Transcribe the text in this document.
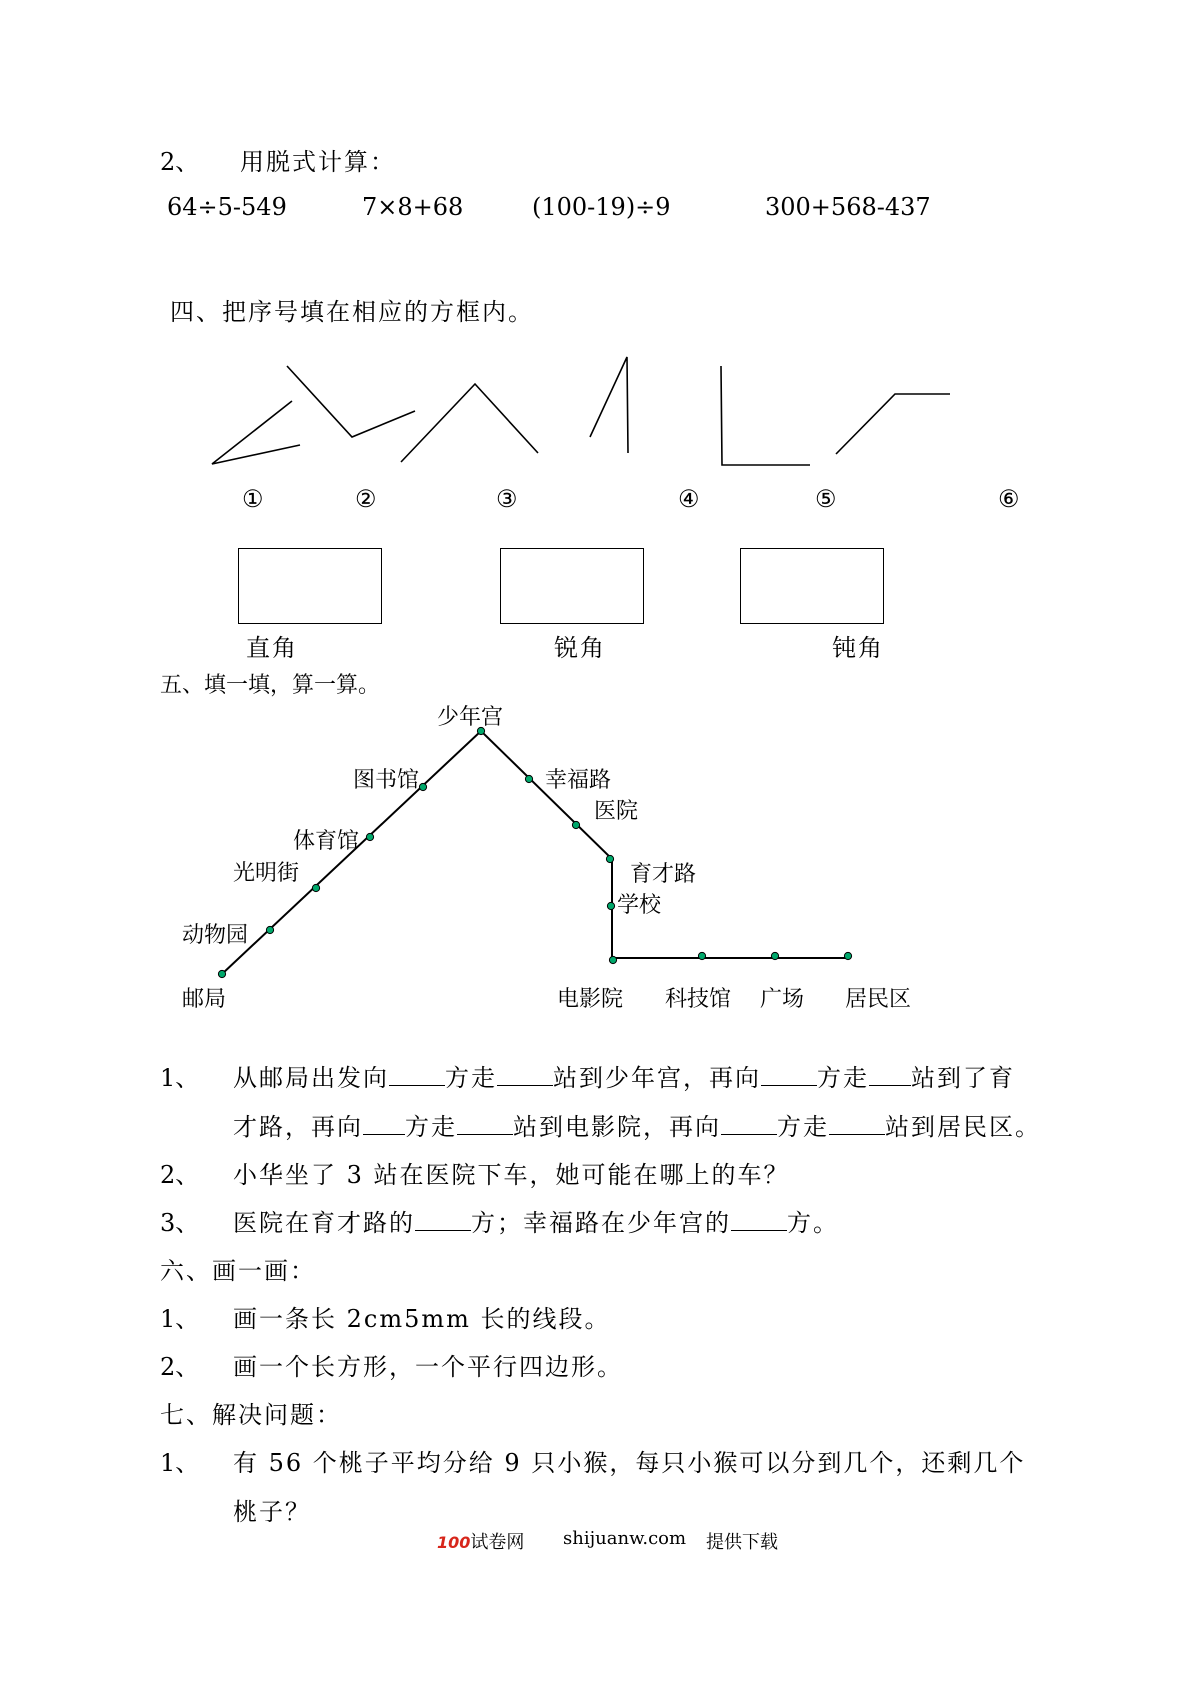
2、 用脱式计算：
64÷5-549	7×8+68	(100-19)÷9	300+568-437
四、把序号填在相应的方框内。
①	②	③	④	⑤	⑥
直角	锐角	钝角
五、填一填，算一算。
少年宫
图书馆	幸福路
医院
体育馆
育才路
光明街
学校
动物园
邮局	电影院 科技馆 广场 居民区
1、 从邮局出发向 方走 站到少年宫，再向 方走 站到了育
才路，再向 方走 站到电影院，再向 方走 站到居民区。
2、 小华坐了 3 站在医院下车，她可能在哪上的车？
3、 医院在育才路的 方；幸福路在少年宫的 方。
六、画一画：
1、 画一条长 2cm5mm 长的线段。
2、 画一个长方形，一个平行四边形。
七、解决问题：
1、 有 56 个桃子平均分给 9 只小猴，每只小猴可以分到几个，还剩几个
桃子？
100试卷网 shijuanw.com 提供下载
